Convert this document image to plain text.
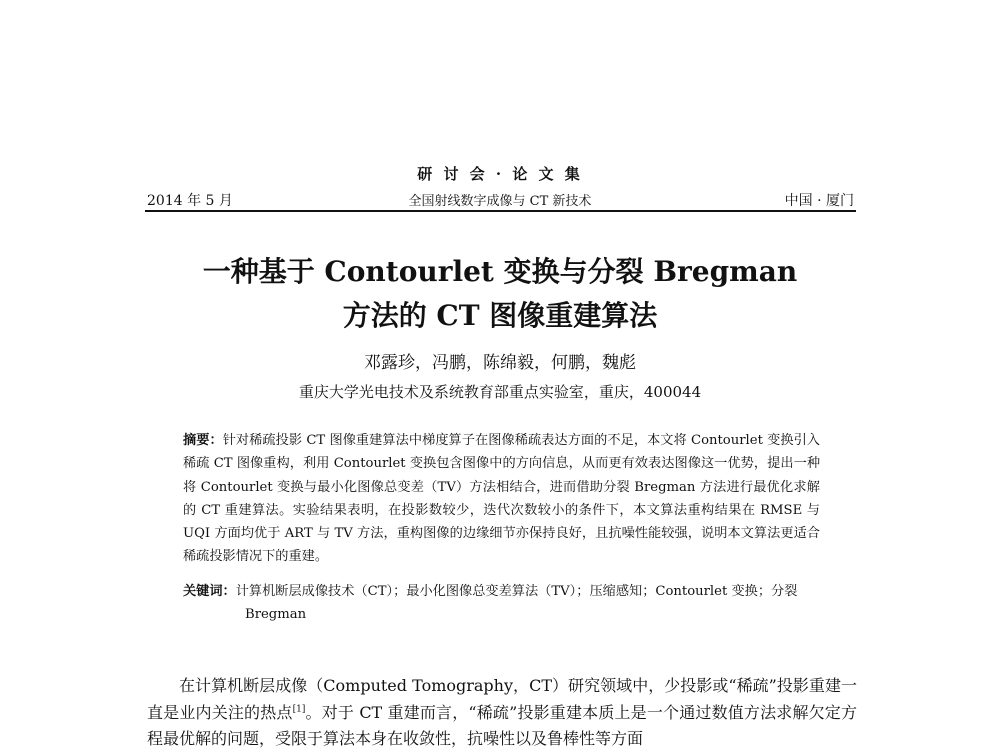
研 讨 会 · 论 文 集
2014 年 5 月	全国射线数字成像与 CT 新技术	中国 · 厦门
一种基于 Contourlet 变换与分裂 Bregman
方法的 CT 图像重建算法
邓露珍，冯鹏，陈绵毅，何鹏，魏彪
重庆大学光电技术及系统教育部重点实验室，重庆，400044
摘要：针对稀疏投影 CT 图像重建算法中梯度算子在图像稀疏表达方面的不足，本文将 Contourlet 变换引入稀疏 CT 图像重构，利用 Contourlet 变换包含图像中的方向信息，从而更有效表达图像这一优势，提出一种将 Contourlet 变换与最小化图像总变差（TV）方法相结合，进而借助分裂 Bregman 方法进行最优化求解的 CT 重建算法。实验结果表明，在投影数较少，迭代次数较小的条件下，本文算法重构结果在 RMSE 与 UQI 方面均优于 ART 与 TV 方法，重构图像的边缘细节亦保持良好，且抗噪性能较强，说明本文算法更适合稀疏投影情况下的重建。
关键词：计算机断层成像技术（CT）；最小化图像总变差算法（TV）；压缩感知；Contourlet 变换；分裂 Bregman
在计算机断层成像（Computed Tomography，CT）研究领域中，少投影或“稀疏”投影重建一直是业内关注的热点[1]。对于 CT 重建而言，“稀疏”投影重建本质上是一个通过数值方法求解欠定方程最优解的问题，受限于算法本身在收敛性，抗噪性以及鲁棒性等方面
